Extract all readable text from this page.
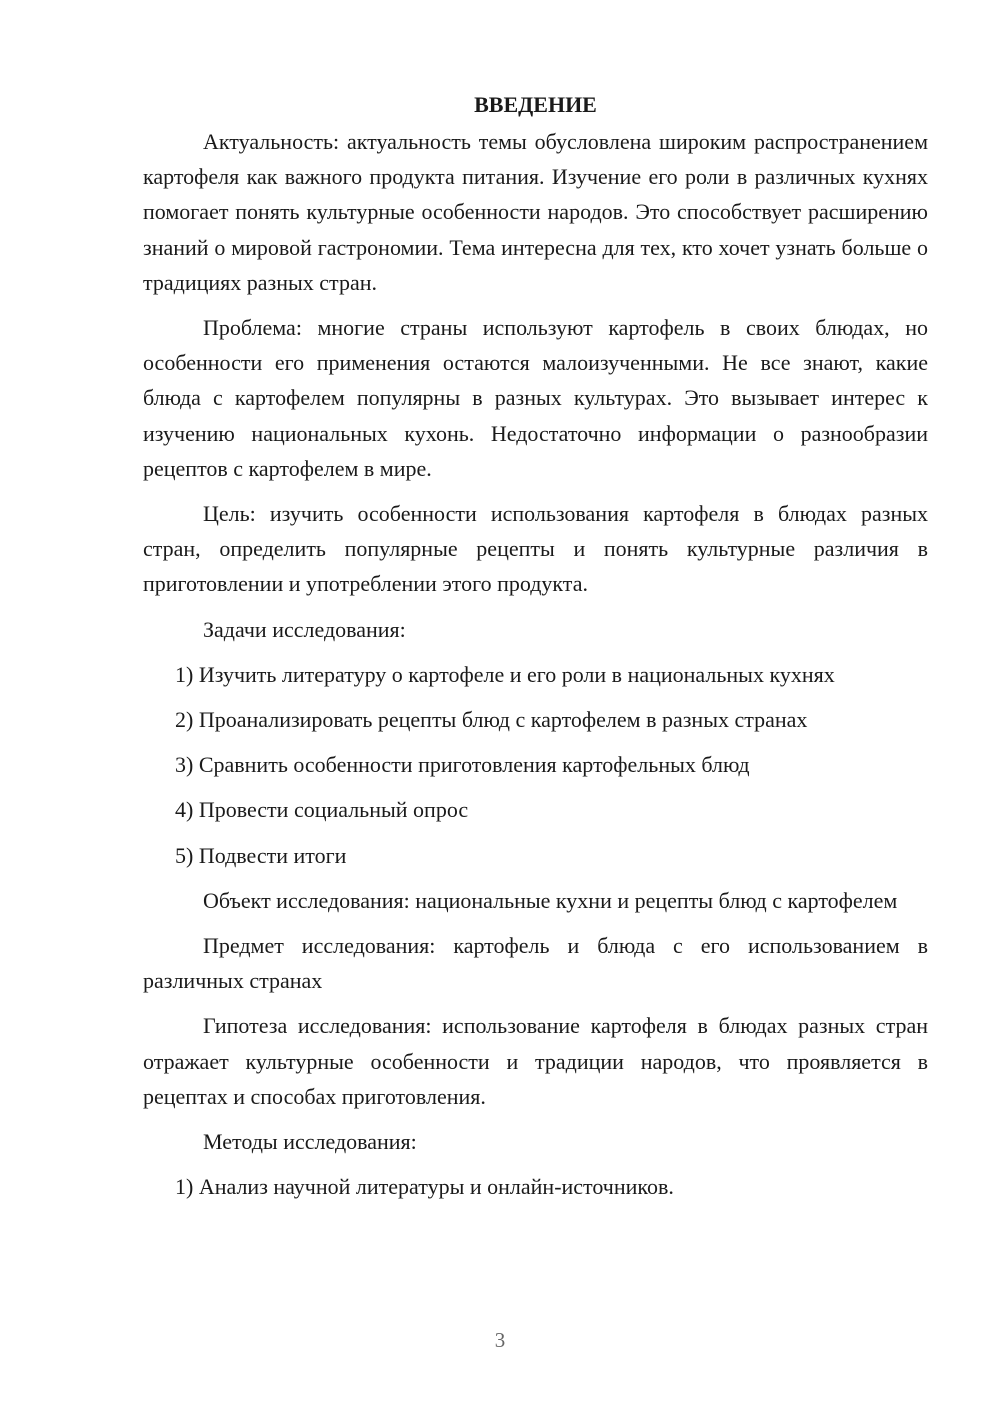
ВВЕДЕНИЕ

Актуальность: актуальность темы обусловлена широким распространением картофеля как важного продукта питания. Изучение его роли в различных кухнях помогает понять культурные особенности народов. Это способствует расширению знаний о мировой гастрономии. Тема интересна для тех, кто хочет узнать больше о традициях разных стран.

Проблема: многие страны используют картофель в своих блюдах, но особенности его применения остаются малоизученными. Не все знают, какие блюда с картофелем популярны в разных культурах. Это вызывает интерес к изучению национальных кухонь. Недостаточно информации о разнообразии рецептов с картофелем в мире.

Цель: изучить особенности использования картофеля в блюдах разных стран, определить популярные рецепты и понять культурные различия в приготовлении и употреблении этого продукта.

Задачи исследования:
1) Изучить литературу о картофеле и его роли в национальных кухнях
2) Проанализировать рецепты блюд с картофелем в разных странах
3) Сравнить особенности приготовления картофельных блюд
4) Провести социальный опрос
5) Подвести итоги

Объект исследования: национальные кухни и рецепты блюд с картофелем

Предмет исследования: картофель и блюда с его использованием в различных странах

Гипотеза исследования: использование картофеля в блюдах разных стран отражает культурные особенности и традиции народов, что проявляется в рецептах и способах приготовления.

Методы исследования:
1) Анализ научной литературы и онлайн-источников.
3
